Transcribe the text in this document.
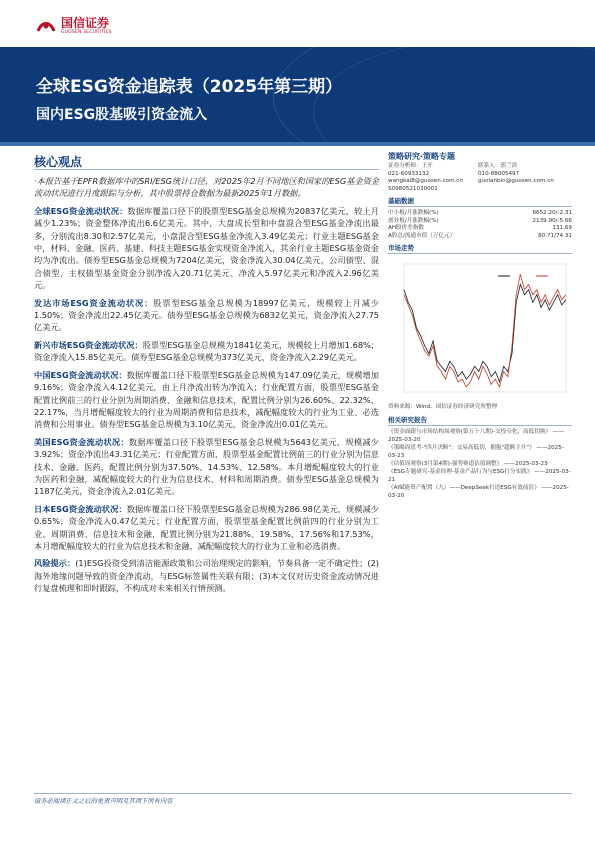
国信证券
GUOSEN SECURITIES
全球ESG资金追踪表（2025年第三期）
国内ESG股基吸引资金流入
核心观点

·本报告基于EPFR数据库中的SRI/ESG统计口径，对2025年2月不同地区和国家的ESG基金资金流动状况进行月度跟踪与分析，其中股票持仓数据为最新2025年1月数据。

全球ESG资金流动状况：数据库覆盖口径下的股票型ESG基金总规模为20837亿美元，较上月减少1.23%；资金整体净流出6.6亿美元。其中，大盘成长型和中盘混合型ESG基金净流出最多，分别流出8.30和2.57亿美元，小盘混合型ESG基金净流入3.49亿美元；行业主题ESG基金中，材料、金融、医药、基建、科技主题ESG基金实现资金净流入，其余行业主题ESG基金资金均为净流出。债券型ESG基金总规模为7204亿美元，资金净流入30.04亿美元，公司债型、混合债型、主权债型基金资金分别净流入20.71亿美元、净流入5.97亿美元和净流入2.96亿美元。

发达市场ESG资金流动状况：股票型ESG基金总规模为18997亿美元，规模较上月减少1.50%；资金净流出22.45亿美元。债券型ESG基金总规模为6832亿美元，资金净流入27.75亿美元。

新兴市场ESG资金流动状况：股票型ESG基金总规模为1841亿美元，规模较上月增加1.68%；资金净流入15.85亿美元。债券型ESG基金总规模为373亿美元，资金净流入2.29亿美元。

中国ESG资金流动状况：数据库覆盖口径下股票型ESG基金总规模为147.09亿美元，规模增加9.16%；资金净流入4.12亿美元，由上月净流出转为净流入；行业配置方面，股票型ESG基金配置比例前三的行业分别为周期消费、金融和信息技术，配置比例分别为26.60%、22.32%、22.17%，当月增配幅度较大的行业为周期消费和信息技术，减配幅度较大的行业为工业、必选消费和公用事业。债券型ESG基金总规模为3.10亿美元，资金净流出0.01亿美元。

美国ESG资金流动状况：数据库覆盖口径下股票型ESG基金总规模为5643亿美元，规模减少3.92%；资金净流出43.31亿美元；行业配置方面，股票型基金配置比例前三的行业分别为信息技术、金融、医药，配置比例分别为37.50%、14.53%、12.58%。本月增配幅度较大的行业为医药和金融，减配幅度较大的行业为信息技术、材料和周期消费。债券型ESG基金总规模为1187亿美元，资金净流入2.01亿美元。

日本ESG资金流动状况：数据库覆盖口径下股票型ESG基金总规模为286.98亿美元，规模减少0.65%；资金净流入0.47亿美元；行业配置方面，股票型基金配置比例前四的行业分别为工业、周期消费、信息技术和金融，配置比例分别为21.88%、19.58%、17.56%和17.53%，本月增配幅度较大的行业为信息技术和金融，减配幅度较大的行业为工业和必选消费。

风险提示：(1)ESG投资受到清洁能源政策和公司治理规定的影响，节奏具备一定不确定性；(2)海外地缘问题导致的资金净流动，与ESG标签属性关联有限；(3)本文仅对历史资金流动情况进行复盘梳理和即时跟踪，不构成对未来相关行情预测。

策略研究·策略专题
证券分析师：王开
021-60933132
wangkai8@guosen.com.cn
S0980521030001
联系人：郭兰滨
010-88005497
guolanbin@guosen.com.cn
基础数据
中小板/月涨跌幅(%)	6652.20/-2.31
创业板/月涨跌幅(%)	2139.90/-5.66
AH股价差指数	131.69
A股总/流通市值（万亿元）	80.71/74.31
市场走势
资料来源：Wind、国信证券经济研究所整理
相关研究报告

《资金面跟与市场结构周观察(第五十八期)-交投分化，高低切换》 ——2025-03-20

《策略周思考-"四月决断"：交易高低切、拥抱"超额主升"》 ——2025-03-23

《估值周观察(3月第4期)-强势赛道估值调整》 ——2025-03-23

《ESG专题研究-基金经理-基金产品行为与ESG打分实践》 ——2025-03-21

《AI赋能资产配置（九）——DeepSeek打造ESG有效前沿》 ——2025-03-20

请务必阅读正文之后的免责声明及其项下所有内容
